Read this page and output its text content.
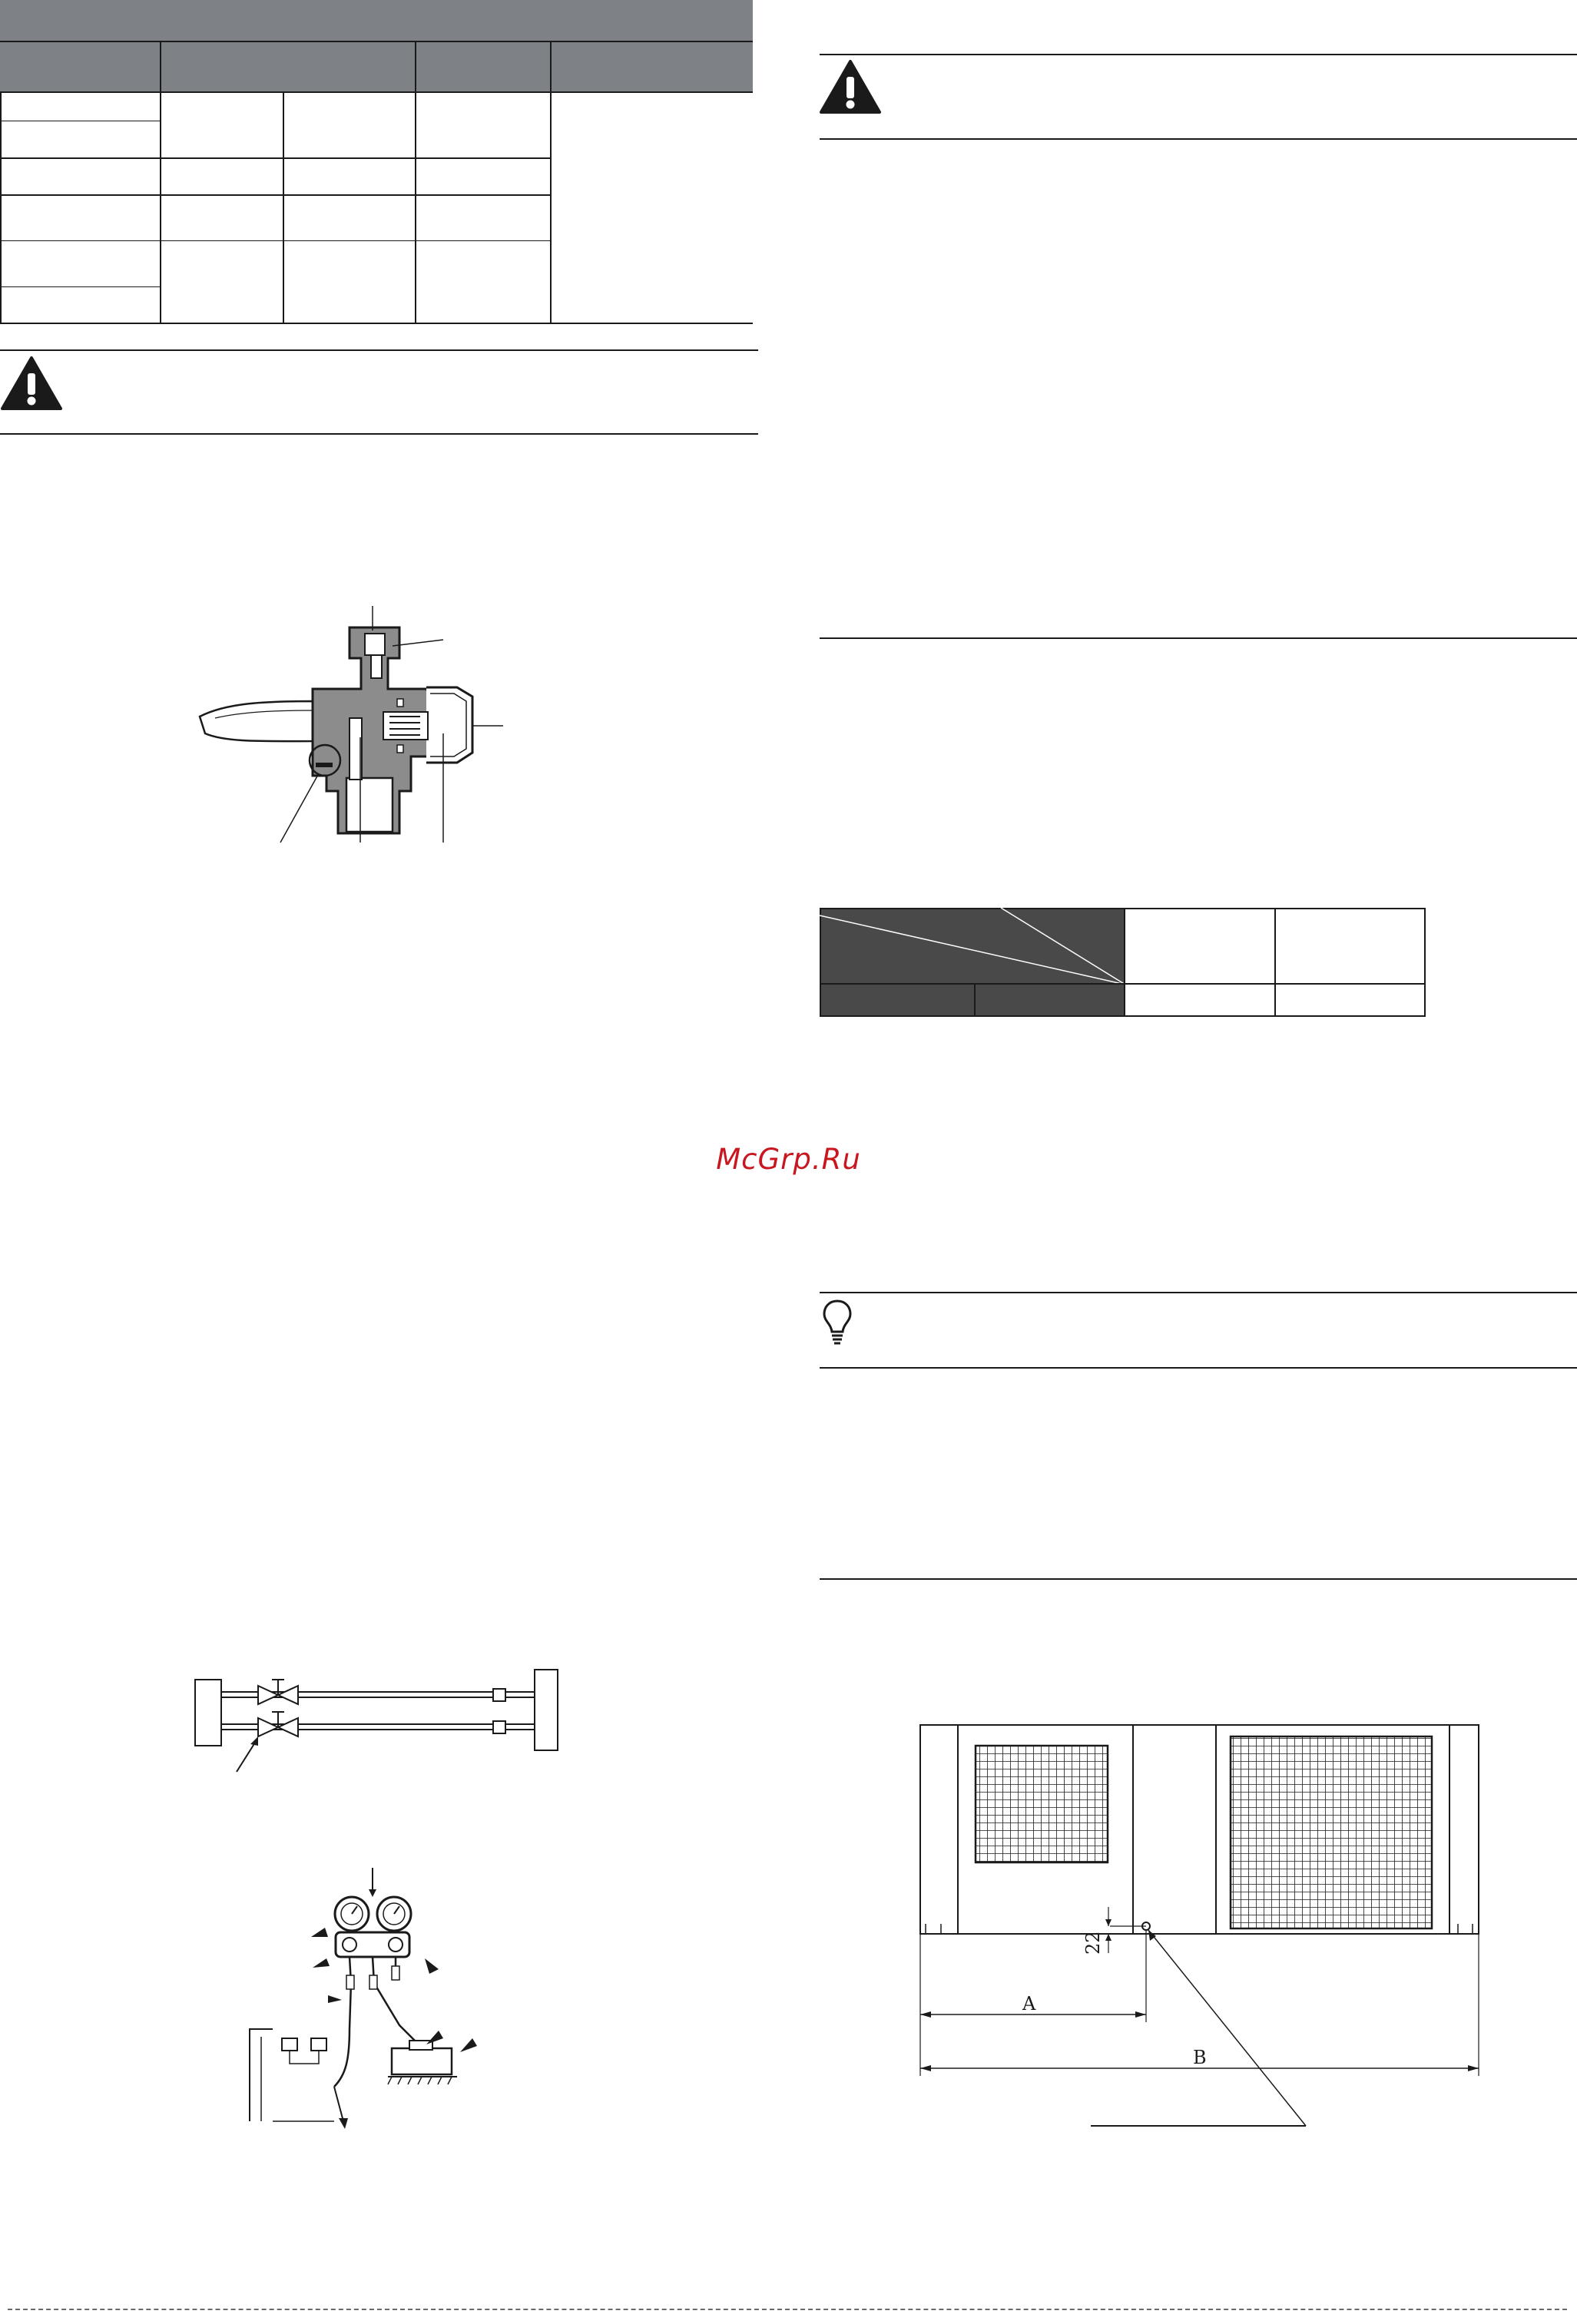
McGrp.Ru
A
B
22
